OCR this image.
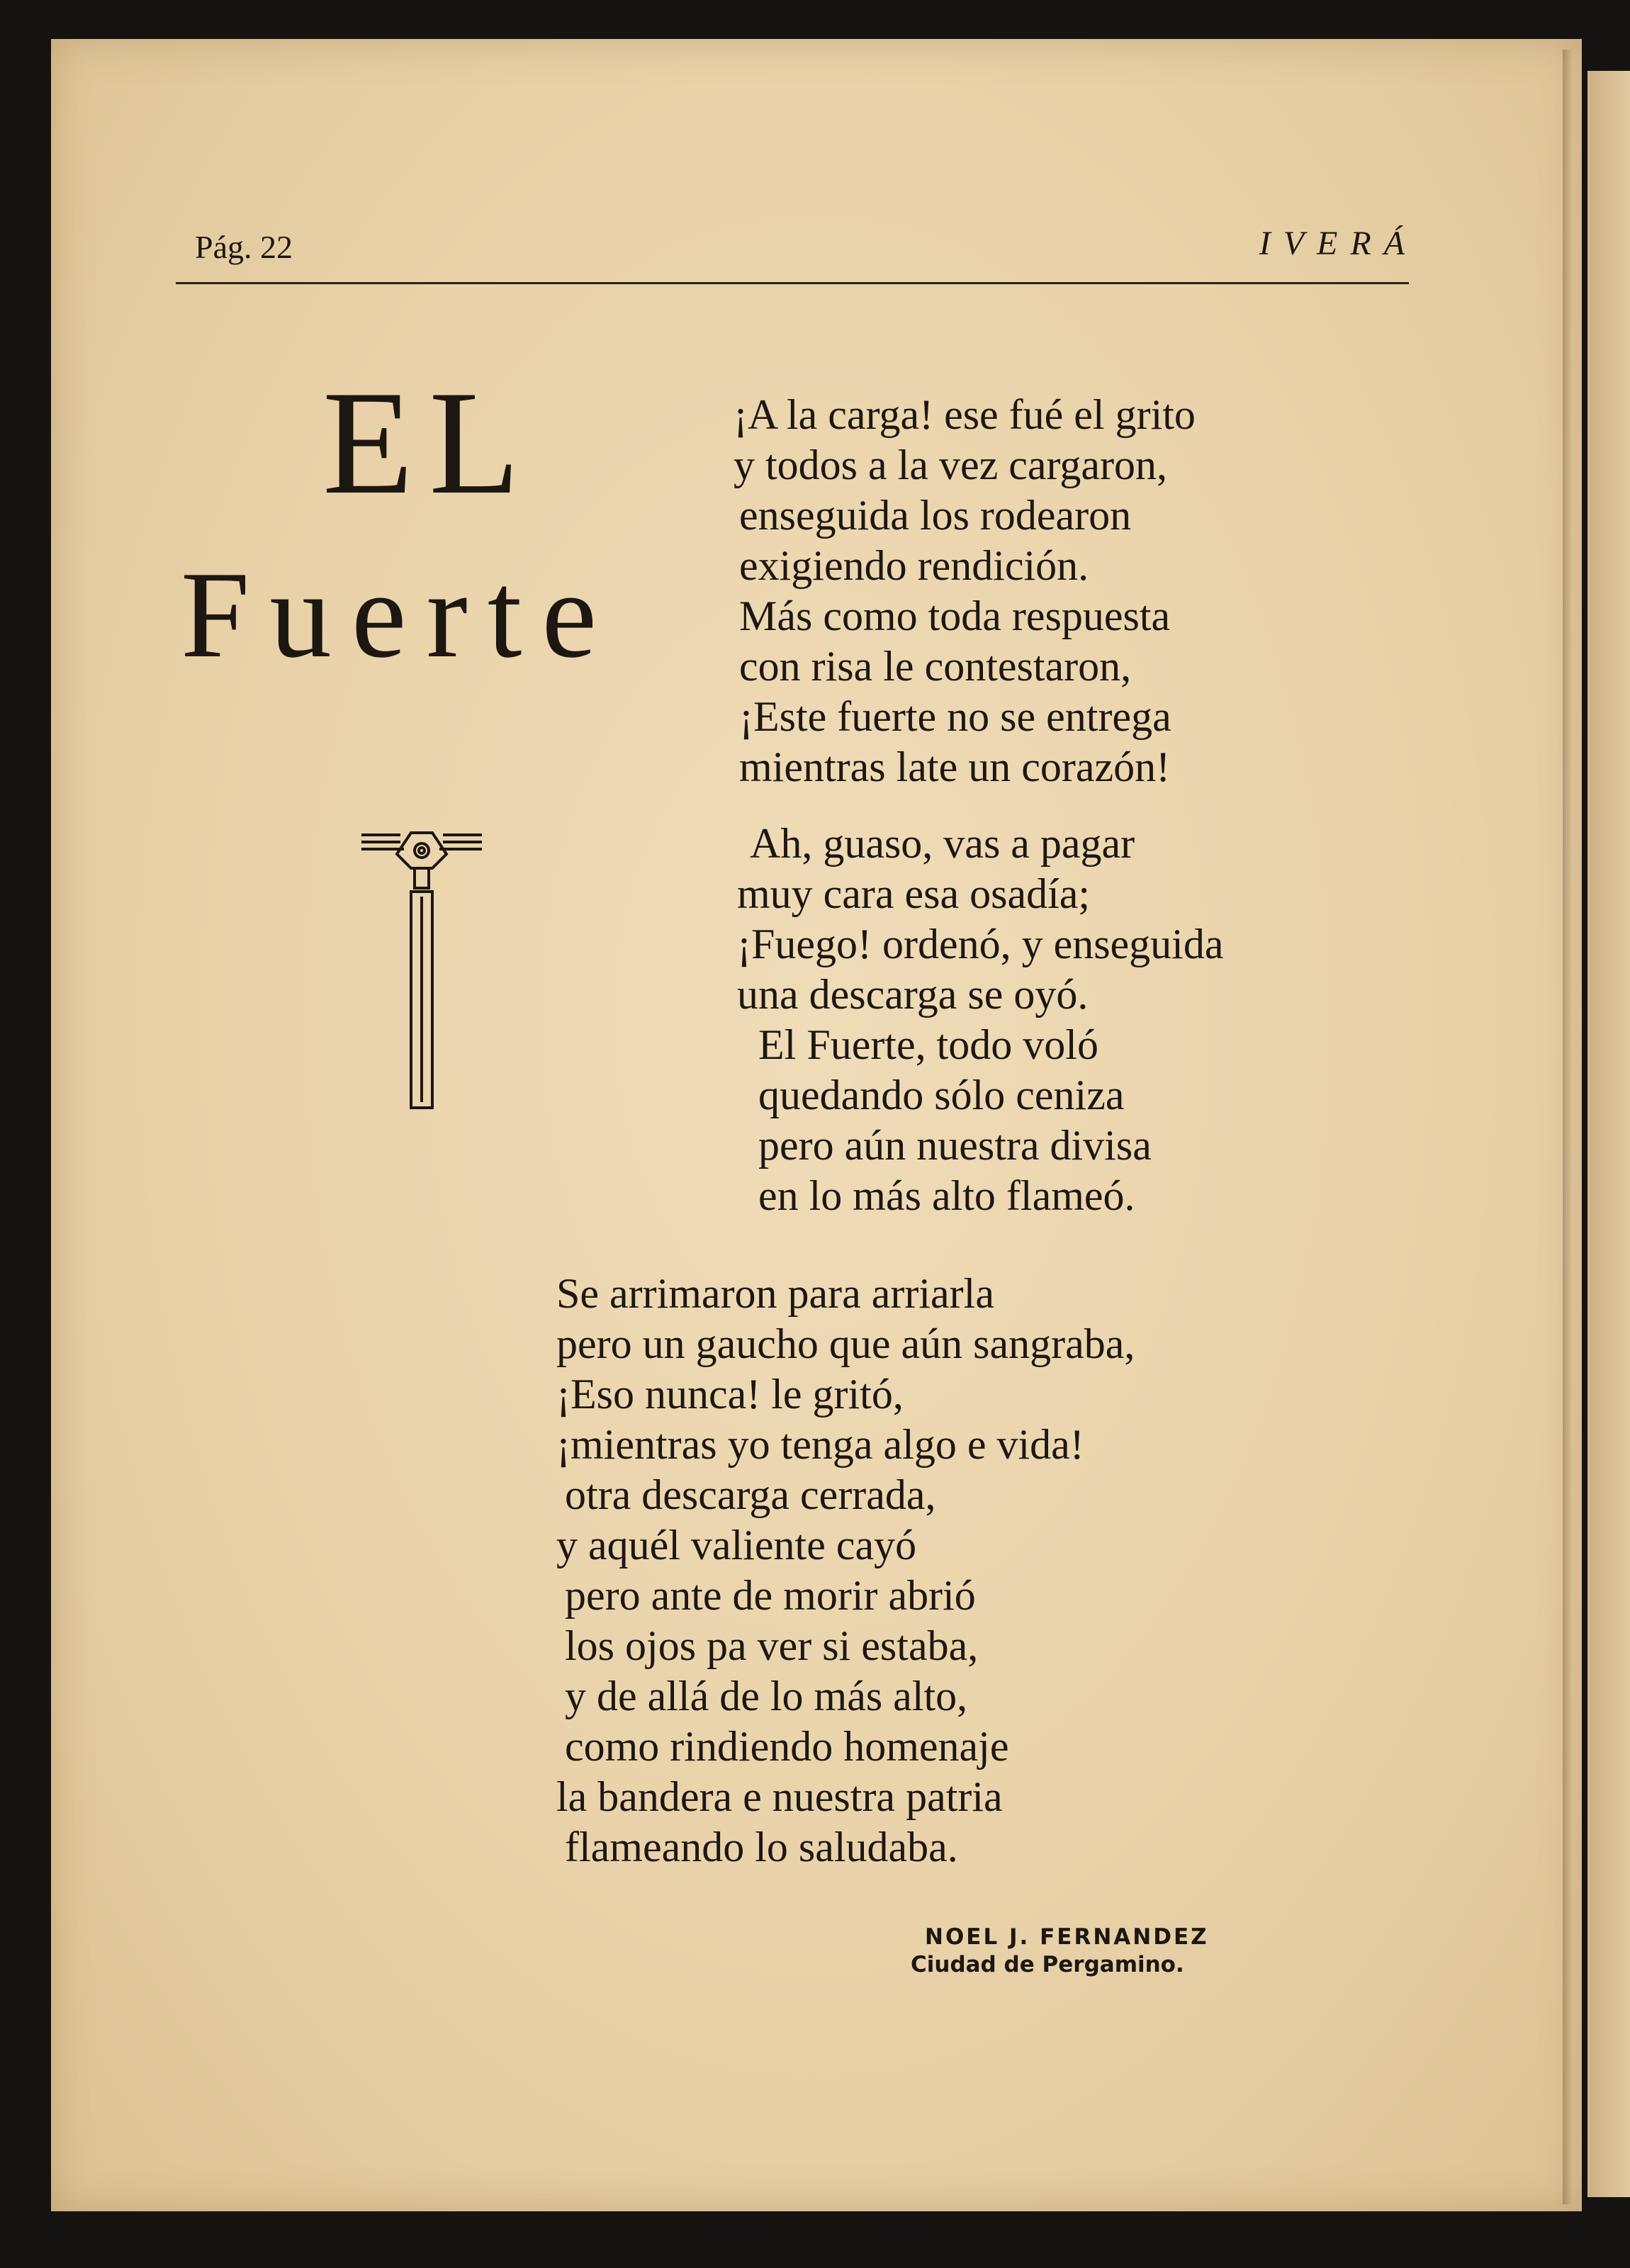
Pág. 22	IVERÁ
EL
Fuerte
¡A la carga! ese fué el grito
y todos a la vez cargaron,
enseguida los rodearon
exigiendo rendición.
Más como toda respuesta
con risa le contestaron,
¡Este fuerte no se entrega
mientras late un corazón!
Ah, guaso, vas a pagar
muy cara esa osadía;
¡Fuego! ordenó, y enseguida
una descarga se oyó.
El Fuerte, todo voló
quedando sólo ceniza
pero aún nuestra divisa
en lo más alto flameó.
Se arrimaron para arriarla
pero un gaucho que aún sangraba,
¡Eso nunca! le gritó,
¡mientras yo tenga algo e vida!
otra descarga cerrada,
y aquél valiente cayó
pero ante de morir abrió
los ojos pa ver si estaba,
y de allá de lo más alto,
como rindiendo homenaje
la bandera e nuestra patria
flameando lo saludaba.
NOEL J. FERNANDEZ
Ciudad de Pergamino.
